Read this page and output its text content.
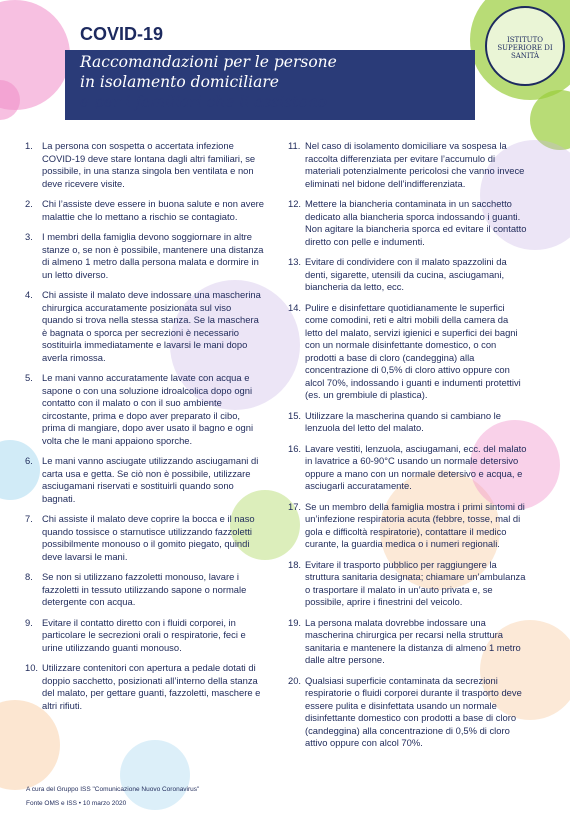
COVID-19
Raccomandazioni per le persone
in isolamento domiciliare
e per i familiari che li assistono
ISTITUTO SUPERIORE DI SANITÀ
1. La persona con sospetta o accertata infezione COVID-19 deve stare lontana dagli altri familiari, se possibile, in una stanza singola ben ventilata e non deve ricevere visite.
2. Chi l’assiste deve essere in buona salute e non avere malattie che lo mettano a rischio se contagiato.
3. I membri della famiglia devono soggiornare in altre stanze o, se non è possibile, mantenere una distanza di almeno 1 metro dalla persona malata e dormire in un letto diverso.
4. Chi assiste il malato deve indossare una mascherina chirurgica accuratamente posizionata sul viso quando si trova nella stessa stanza. Se la maschera è bagnata o sporca per secrezioni è necessario sostituirla immediatamente e lavarsi le mani dopo averla rimossa.
5. Le mani vanno accuratamente lavate con acqua e sapone o con una soluzione idroalcolica dopo ogni contatto con il malato o con il suo ambiente circostante, prima e dopo aver preparato il cibo, prima di mangiare, dopo aver usato il bagno e ogni volta che le mani appaiono sporche.
6. Le mani vanno asciugate utilizzando asciugamani di carta usa e getta. Se ciò non è possibile, utilizzare asciugamani riservati e sostituirli quando sono bagnati.
7. Chi assiste il malato deve coprire la bocca e il naso quando tossisce o starnutisce utilizzando fazzoletti possibilmente monouso o il gomito piegato, quindi deve lavarsi le mani.
8. Se non si utilizzano fazzoletti monouso, lavare i fazzoletti in tessuto utilizzando sapone o normale detergente con acqua.
9. Evitare il contatto diretto con i fluidi corporei, in particolare le secrezioni orali o respiratorie, feci e urine utilizzando guanti monouso.
10. Utilizzare contenitori con apertura a pedale dotati di doppio sacchetto, posizionati all’interno della stanza del malato, per gettare guanti, fazzoletti, maschere e altri rifiuti.
11. Nel caso di isolamento domiciliare va sospesa la raccolta differenziata per evitare l’accumulo di materiali potenzialmente pericolosi che vanno invece eliminati nel bidone dell’indifferenziata.
12. Mettere la biancheria contaminata in un sacchetto dedicato alla biancheria sporca indossando i guanti. Non agitare la biancheria sporca ed evitare il contatto diretto con pelle e indumenti.
13. Evitare di condividere con il malato spazzolini da denti, sigarette, utensili da cucina, asciugamani, biancheria da letto, ecc.
14. Pulire e disinfettare quotidianamente le superfici come comodini, reti e altri mobili della camera da letto del malato, servizi igienici e superfici dei bagni con un normale disinfettante domestico, o con prodotti a base di cloro (candeggina) alla concentrazione di 0,5% di cloro attivo oppure con alcol 70%, indossando i guanti e indumenti protettivi (es. un grembiule di plastica).
15. Utilizzare la mascherina quando si cambiano le lenzuola del letto del malato.
16. Lavare vestiti, lenzuola, asciugamani, ecc. del malato in lavatrice a 60-90°C usando un normale detersivo oppure a mano con un normale detersivo e acqua, e asciugarli accuratamente.
17. Se un membro della famiglia mostra i primi sintomi di un’infezione respiratoria acuta (febbre, tosse, mal di gola e difficoltà respiratorie), contattare il medico curante, la guardia medica o i numeri regionali.
18. Evitare il trasporto pubblico per raggiungere la struttura sanitaria designata; chiamare un’ambulanza o trasportare il malato in un’auto privata e, se possibile, aprire i finestrini del veicolo.
19. La persona malata dovrebbe indossare una mascherina chirurgica per recarsi nella struttura sanitaria e mantenere la distanza di almeno 1 metro dalle altre persone.
20. Qualsiasi superficie contaminata da secrezioni respiratorie o fluidi corporei durante il trasporto deve essere pulita e disinfettata usando un normale disinfettante domestico con prodotti a base di cloro (candeggina) alla concentrazione di 0,5% di cloro attivo oppure con alcol 70%.
A cura del Gruppo ISS "Comunicazione Nuovo Coronavirus"
Fonte OMS e ISS • 10 marzo 2020
